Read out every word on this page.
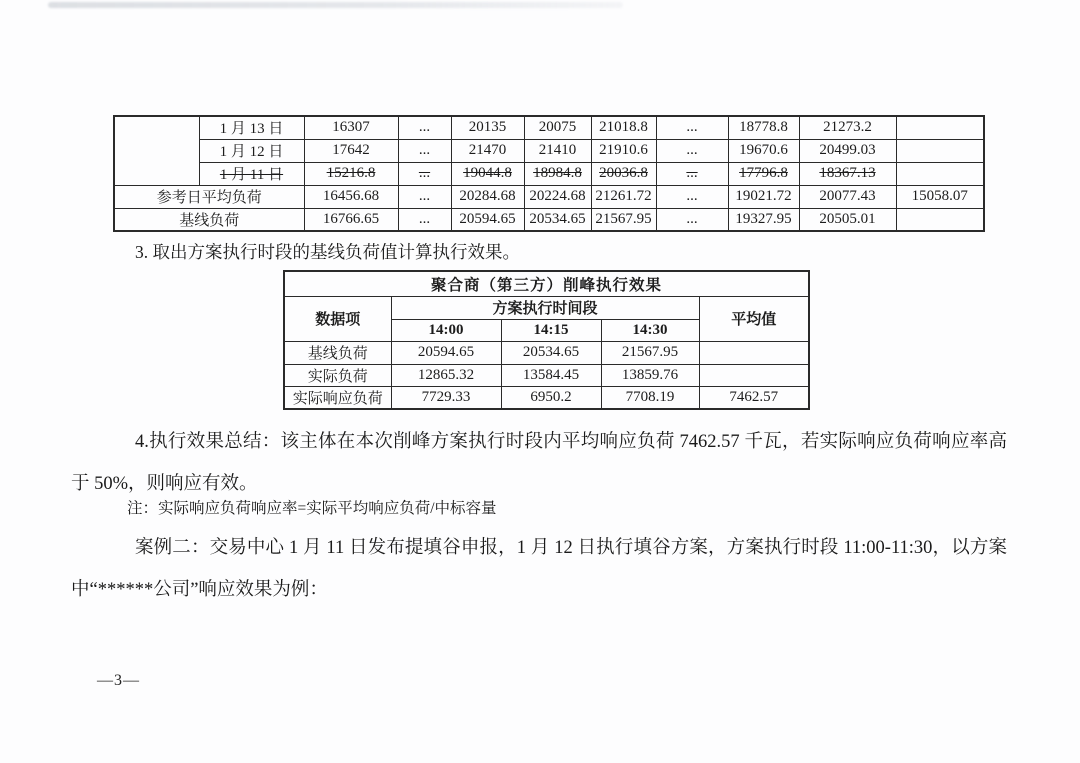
	1 月 13 日	16307	...	20135	20075	21018.8	...	18778.8	21273.2	
	1 月 12 日	17642	...	21470	21410	21910.6	...	19670.6	20499.03	
	1 月 11 日	15216.8	...	19044.8	18984.8	20036.8	...	17796.8	18367.13	
参考日平均负荷		16456.68	...	20284.68	20224.68	21261.72	...	19021.72	20077.43	15058.07
基线负荷		16766.65	...	20594.65	20534.65	21567.95	...	19327.95	20505.01	
3. 取出方案执行时段的基线负荷值计算执行效果。
聚合商（第三方）削峰执行效果				
数据项	方案执行时间段			平均值
	14:00	14:15	14:30	
基线负荷	20594.65	20534.65	21567.95	
实际负荷	12865.32	13584.45	13859.76	
实际响应负荷	7729.33	6950.2	7708.19	7462.57
4.执行效果总结：该主体在本次削峰方案执行时段内平均响应负荷 7462.57 千瓦，若实际响应负荷响应率高于 50%，则响应有效。
注：实际响应负荷响应率=实际平均响应负荷/中标容量
案例二：交易中心 1 月 11 日发布提填谷申报，1 月 12 日执行填谷方案，方案执行时段 11:00-11:30，以方案中“******公司”响应效果为例：
—3—
